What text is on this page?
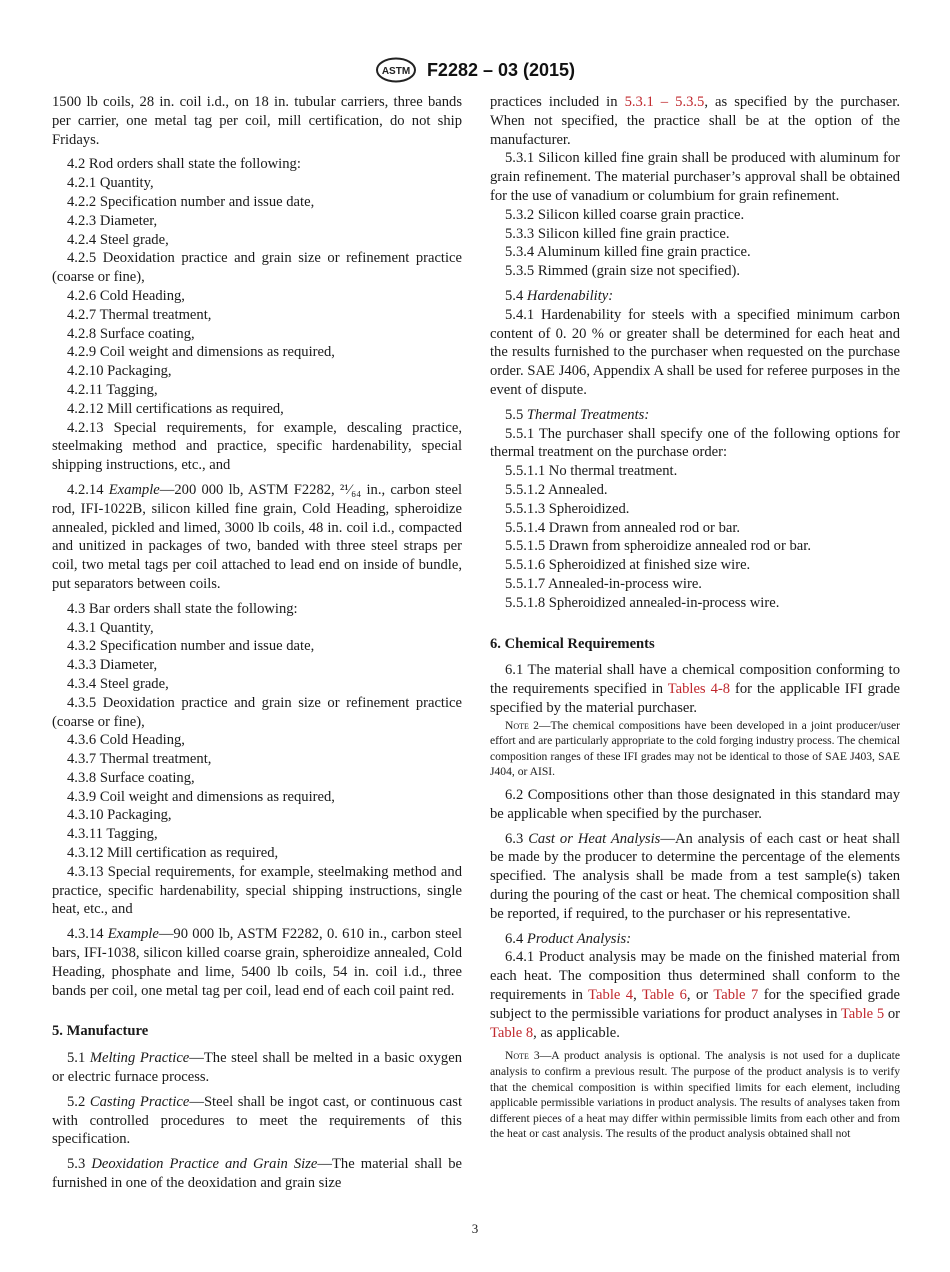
ASTM F2282 – 03 (2015)

1500 lb coils, 28 in. coil i.d., on 18 in. tubular carriers, three bands per carrier, one metal tag per coil, mill certification, do not ship Fridays.

4.2 Rod orders shall state the following:

4.2.1 Quantity,

4.2.2 Specification number and issue date,

4.2.3 Diameter,

4.2.4 Steel grade,

4.2.5 Deoxidation practice and grain size or refinement practice (coarse or fine),

4.2.6 Cold Heading,

4.2.7 Thermal treatment,

4.2.8 Surface coating,

4.2.9 Coil weight and dimensions as required,

4.2.10 Packaging,

4.2.11 Tagging,

4.2.12 Mill certifications as required,

4.2.13 Special requirements, for example, descaling practice, steelmaking method and practice, specific hardenability, special shipping instructions, etc., and

4.2.14 Example—200 000 lb, ASTM F2282, ²¹⁄₆₄ in., carbon steel rod, IFI-1022B, silicon killed fine grain, Cold Heading, spheroidize annealed, pickled and limed, 3000 lb coils, 48 in. coil i.d., compacted and unitized in packages of two, banded with three steel straps per coil, two metal tags per coil attached to lead end on inside of bundle, put separators between coils.

4.3 Bar orders shall state the following:

4.3.1 Quantity,

4.3.2 Specification number and issue date,

4.3.3 Diameter,

4.3.4 Steel grade,

4.3.5 Deoxidation practice and grain size or refinement practice (coarse or fine),

4.3.6 Cold Heading,

4.3.7 Thermal treatment,

4.3.8 Surface coating,

4.3.9 Coil weight and dimensions as required,

4.3.10 Packaging,

4.3.11 Tagging,

4.3.12 Mill certification as required,

4.3.13 Special requirements, for example, steelmaking method and practice, specific hardenability, special shipping instructions, single heat, etc., and

4.3.14 Example—90 000 lb, ASTM F2282, 0. 610 in., carbon steel bars, IFI-1038, silicon killed coarse grain, spheroidize annealed, Cold Heading, phosphate and lime, 5400 lb coils, 54 in. coil i.d., three bands per coil, one metal tag per coil, lead end of each coil paint red.

5. Manufacture

5.1 Melting Practice—The steel shall be melted in a basic oxygen or electric furnace process.

5.2 Casting Practice—Steel shall be ingot cast, or continuous cast with controlled procedures to meet the requirements of this specification.

5.3 Deoxidation Practice and Grain Size—The material shall be furnished in one of the deoxidation and grain size

practices included in 5.3.1 – 5.3.5, as specified by the purchaser. When not specified, the practice shall be at the option of the manufacturer.

5.3.1 Silicon killed fine grain shall be produced with aluminum for grain refinement. The material purchaser’s approval shall be obtained for the use of vanadium or columbium for grain refinement.

5.3.2 Silicon killed coarse grain practice.

5.3.3 Silicon killed fine grain practice.

5.3.4 Aluminum killed fine grain practice.

5.3.5 Rimmed (grain size not specified).

5.4 Hardenability:

5.4.1 Hardenability for steels with a specified minimum carbon content of 0. 20 % or greater shall be determined for each heat and the results furnished to the purchaser when requested on the purchase order. SAE J406, Appendix A shall be used for referee purposes in the event of dispute.

5.5 Thermal Treatments:

5.5.1 The purchaser shall specify one of the following options for thermal treatment on the purchase order:

5.5.1.1 No thermal treatment.

5.5.1.2 Annealed.

5.5.1.3 Spheroidized.

5.5.1.4 Drawn from annealed rod or bar.

5.5.1.5 Drawn from spheroidize annealed rod or bar.

5.5.1.6 Spheroidized at finished size wire.

5.5.1.7 Annealed-in-process wire.

5.5.1.8 Spheroidized annealed-in-process wire.

6. Chemical Requirements

6.1 The material shall have a chemical composition conforming to the requirements specified in Tables 4-8 for the applicable IFI grade specified by the material purchaser.

Note 2—The chemical compositions have been developed in a joint producer/user effort and are particularly appropriate to the cold forging industry process. The chemical composition ranges of these IFI grades may not be identical to those of SAE J403, SAE J404, or AISI.

6.2 Compositions other than those designated in this standard may be applicable when specified by the purchaser.

6.3 Cast or Heat Analysis—An analysis of each cast or heat shall be made by the producer to determine the percentage of the elements specified. The analysis shall be made from a test sample(s) taken during the pouring of the cast or heat. The chemical composition shall be reported, if required, to the purchaser or his representative.

6.4 Product Analysis:

6.4.1 Product analysis may be made on the finished material from each heat. The composition thus determined shall conform to the requirements in Table 4, Table 6, or Table 7 for the specified grade subject to the permissible variations for product analyses in Table 5 or Table 8, as applicable.

Note 3—A product analysis is optional. The analysis is not used for a duplicate analysis to confirm a previous result. The purpose of the product analysis is to verify that the chemical composition is within specified limits for each element, including applicable permissible variations in product analysis. The results of analyses taken from different pieces of a heat may differ within permissible limits from each other and from the heat or cast analysis. The results of the product analysis obtained shall not

3
